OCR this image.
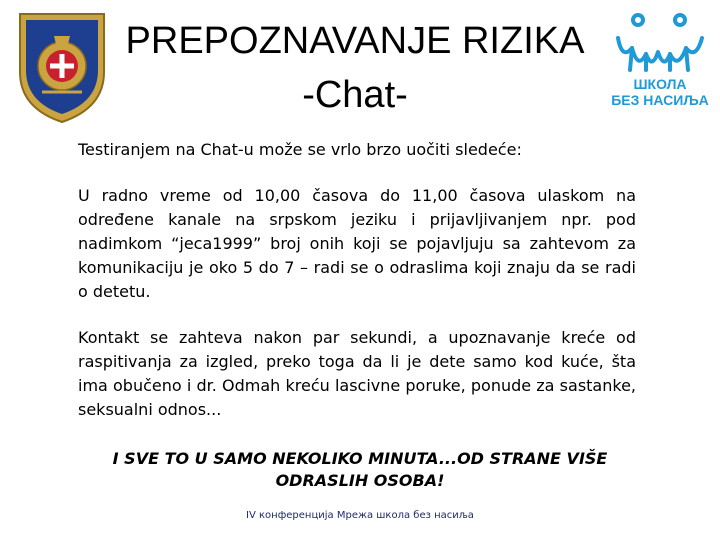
PREPOZNAVANJE RIZIKA
-Chat-	ШКОЛА
БЕЗ НАСИЉА

Testiranjem na Chat-u može se vrlo brzo uočiti sledeće:

U radno vreme od 10,00 časova do 11,00 časova ulaskom na određene kanale na srpskom jeziku i prijavljivanjem npr. pod nadimkom “jeca1999” broj onih koji se pojavljuju sa zahtevom za komunikaciju je oko 5 do 7 – radi se o odraslima koji znaju da se radi o detetu.

Kontakt se zahteva nakon par sekundi, a upoznavanje kreće od raspitivanja za izgled, preko toga da li je dete samo kod kuće, šta ima obučeno i dr. Odmah kreću lascivne poruke, ponude za sastanke, seksualni odnos...

I SVE TO U SAMO NEKOLIKO MINUTA...OD STRANE VIŠE
ODRASLIH OSOBA!
IV конференција Мрежа школа без насиља
